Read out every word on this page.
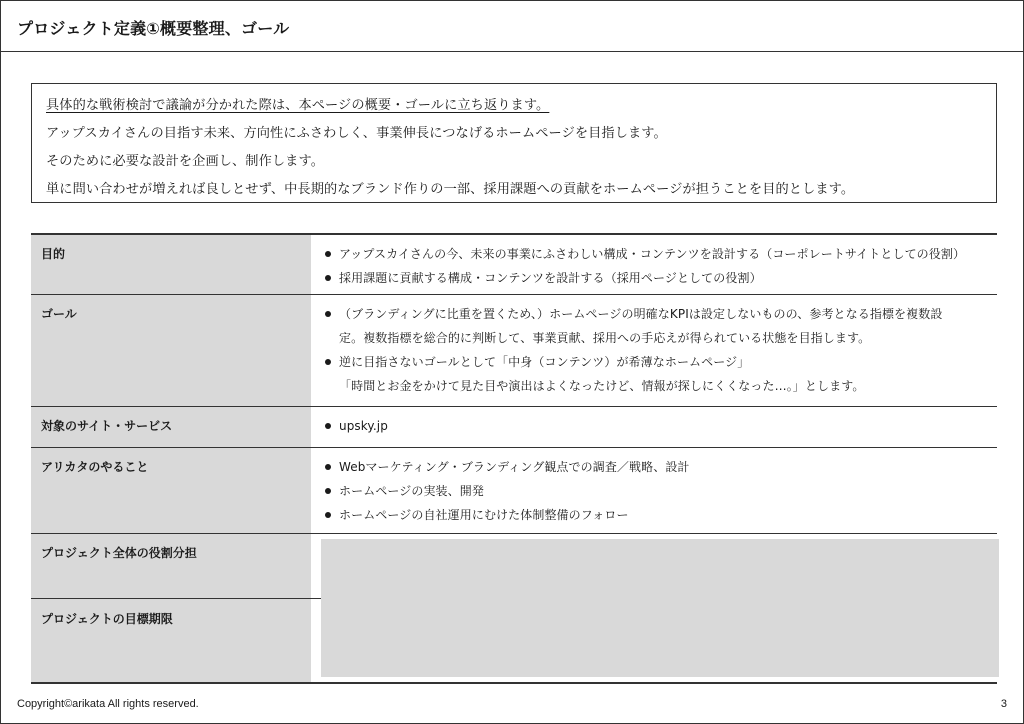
プロジェクト定義①概要整理、ゴール

具体的な戦術検討で議論が分かれた際は、本ページの概要・ゴールに立ち返ります。

アップスカイさんの目指す未来、方向性にふさわしく、事業伸長につなげるホームページを目指します。

そのために必要な設計を企画し、制作します。

単に問い合わせが増えれば良しとせず、中長期的なブランド作りの一部、採用課題への貢献をホームページが担うことを目的とします。

目的	アップスカイさんの今、未来の事業にふさわしい構成・コンテンツを設計する（コーポレートサイトとしての役割）
採用課題に貢献する構成・コンテンツを設計する（採用ページとしての役割）
ゴール	（ブランディングに比重を置くため、）ホームページの明確なKPIは設定しないものの、参考となる指標を複数設
定。複数指標を総合的に判断して、事業貢献、採用への手応えが得られている状態を目指します。
逆に目指さないゴールとして「中身（コンテンツ）が希薄なホームページ」
「時間とお金をかけて見た目や演出はよくなったけど、情報が探しにくくなった…。」とします。
対象のサイト・サービス	upsky.jp
アリカタのやること	Webマーケティング・ブランディング観点での調査／戦略、設計
ホームページの実装、開発
ホームページの自社運用にむけた体制整備のフォロー
プロジェクト全体の役割分担
プロジェクトの目標期限
Copyright©arikata All rights reserved.	3
